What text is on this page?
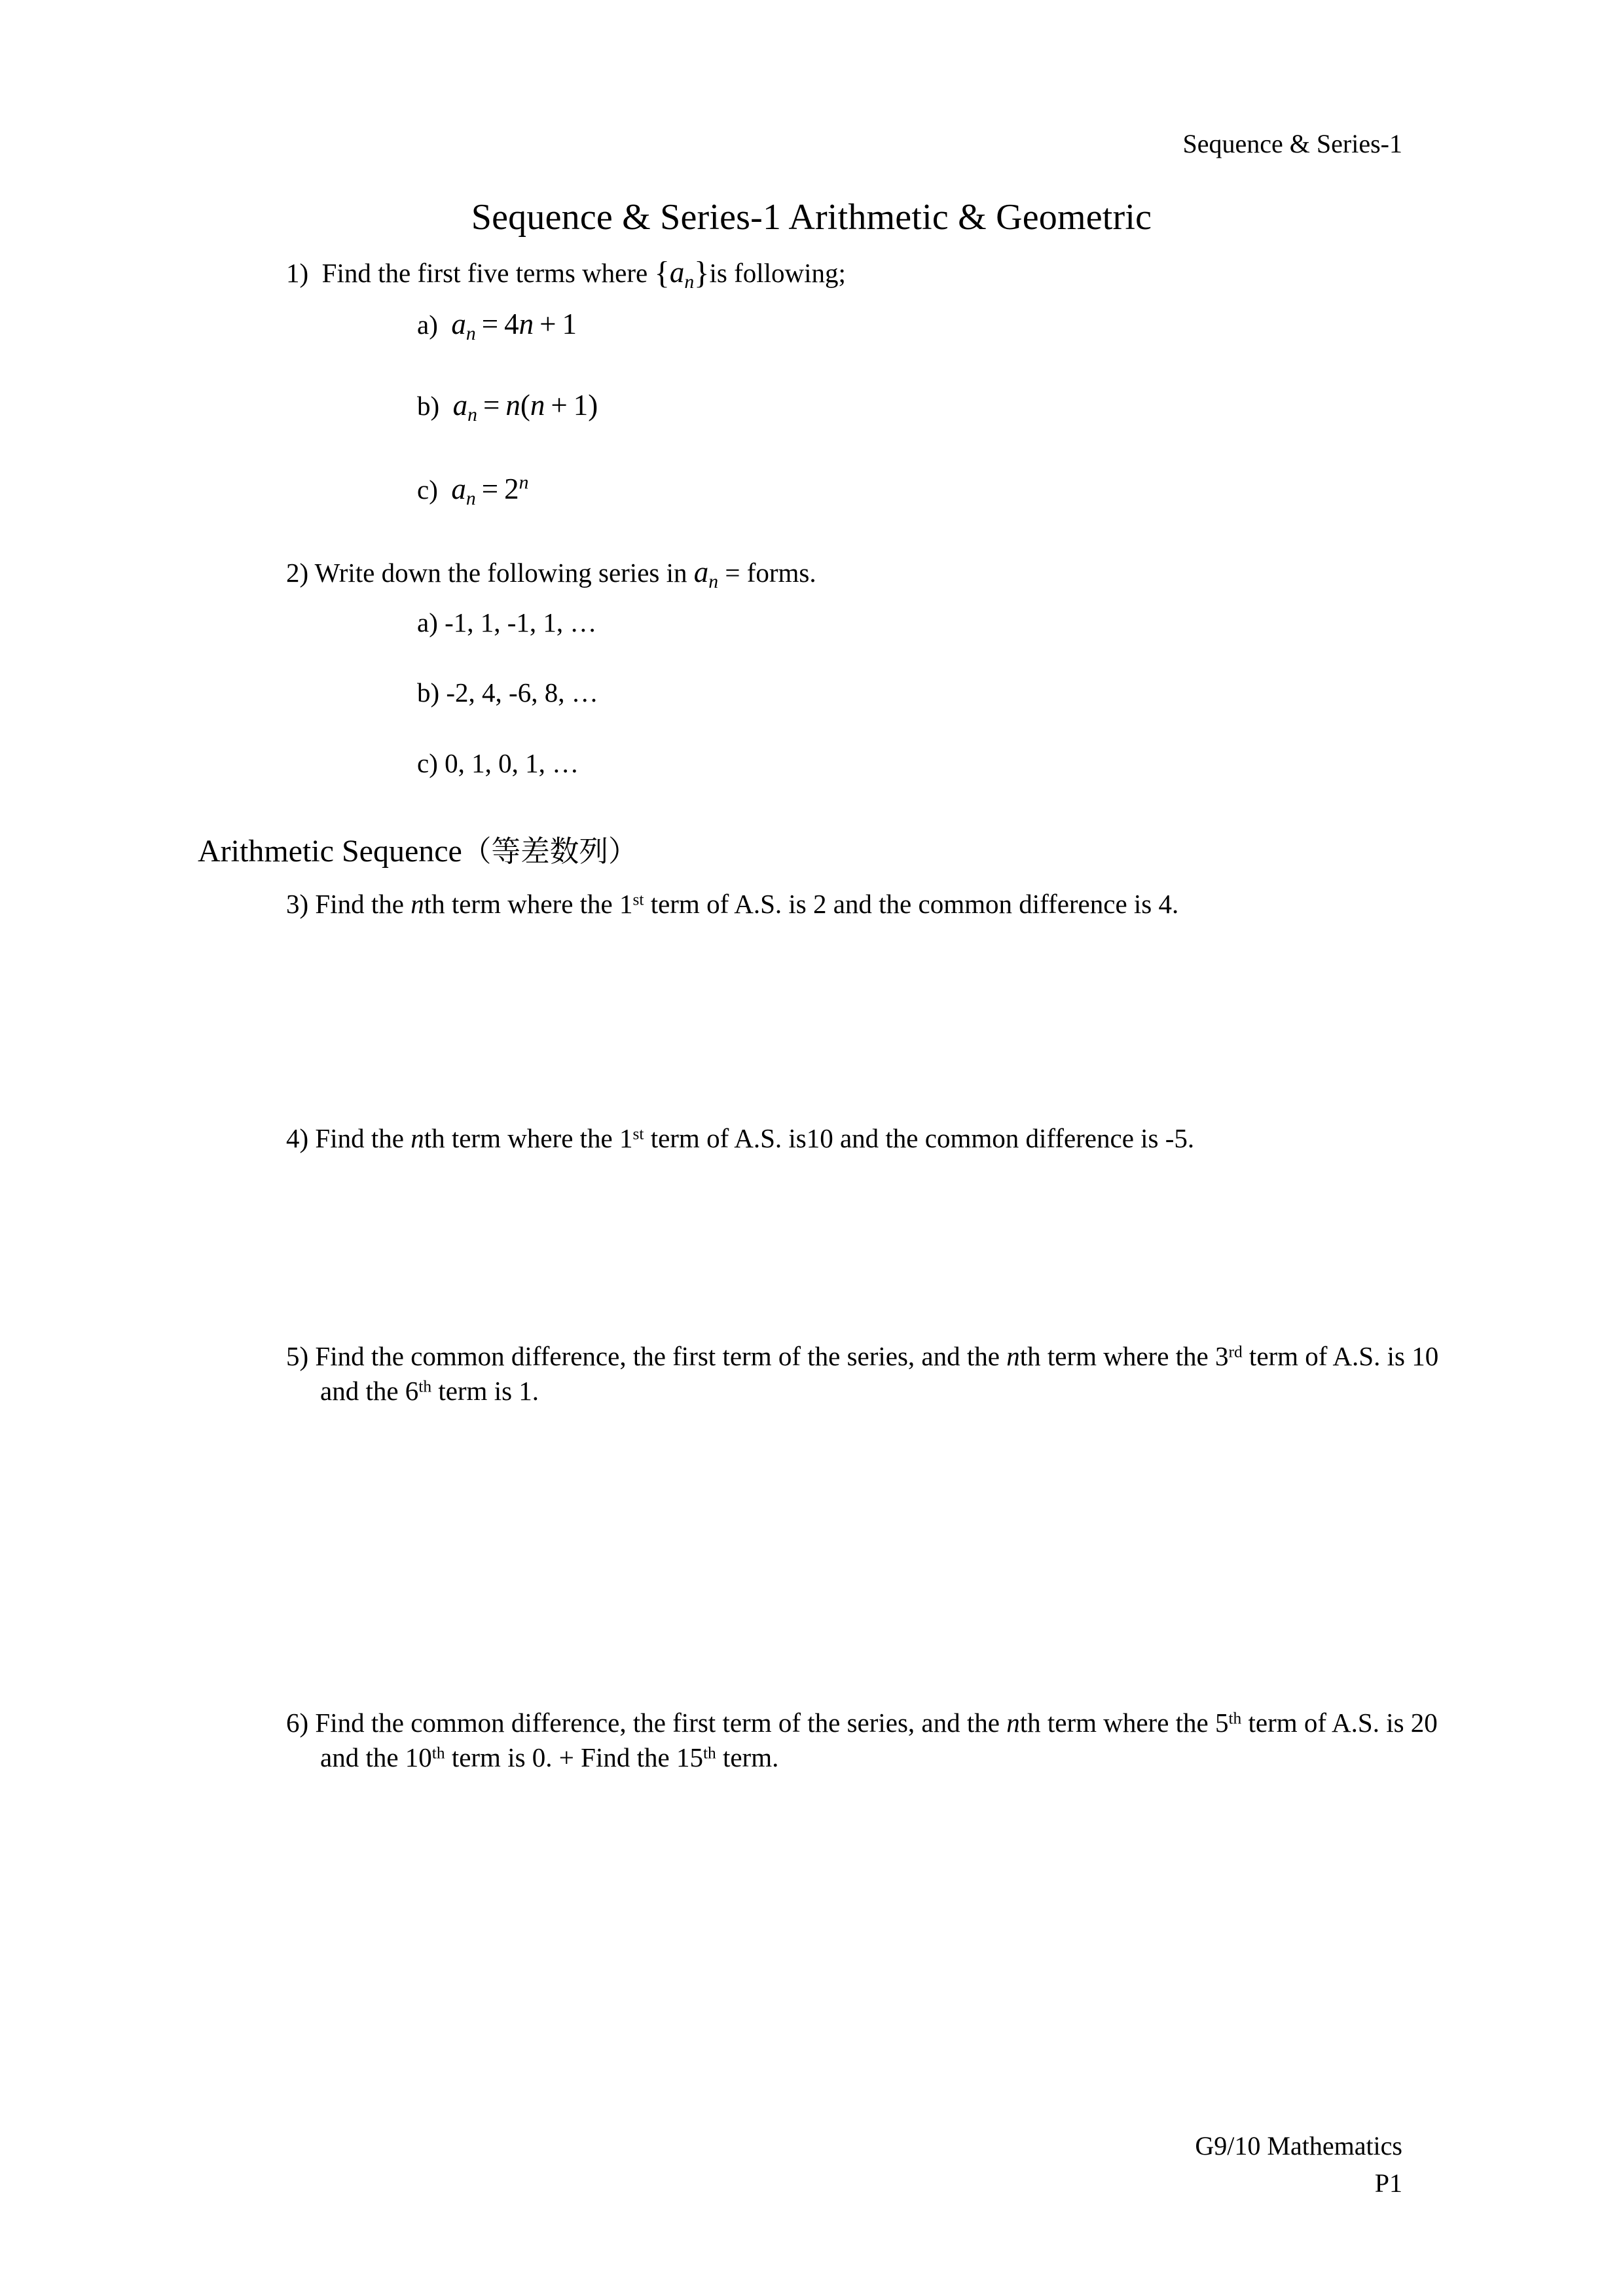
Sequence & Series-1
Sequence & Series-1 Arithmetic & Geometric
1) Find the first five terms where $\{a_n\}is$ following;
a) $a_n = 4n + 1$
b) $a_n = n(n + 1)$
c) $a_n = 2^n$
2) Write down the following series in $a_n$ = forms.
a) -1, 1, -1, 1, …
b) -2, 4, -6, 8, …
c) 0, 1, 0, 1, …
Arithmetic Sequence（等差数列）
3) Find the nth term where the 1st term of A.S. is 2 and the common difference is 4.
4) Find the nth term where the 1st term of A.S. is10 and the common difference is -5.
5) Find the common difference, the first term of the series, and the nth term where the 3rd term of A.S. is 10 and the 6th term is 1.
6) Find the common difference, the first term of the series, and the nth term where the 5th term of A.S. is 20 and the 10th term is 0. + Find the 15th term.
G9/10 Mathematics
P1
